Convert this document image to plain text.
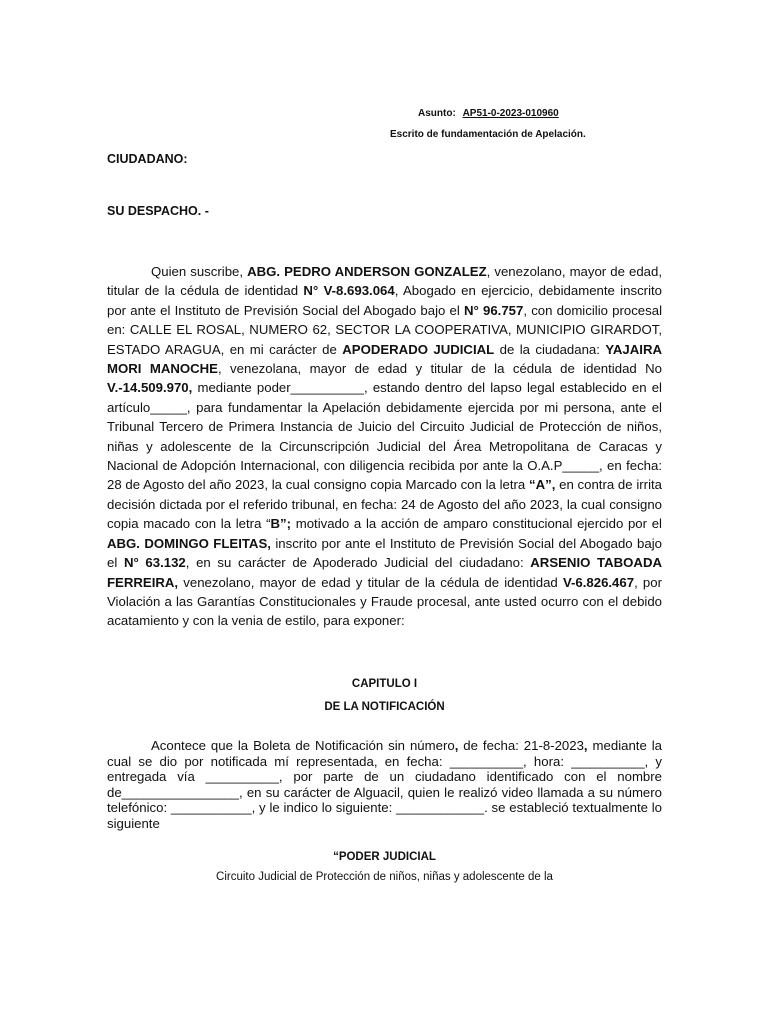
Asunto: AP51-0-2023-010960
Escrito de fundamentación de Apelación.
CIUDADANO:
SU DESPACHO. -

Quien suscribe, ABG. PEDRO ANDERSON GONZALEZ, venezolano, mayor de edad, titular de la cédula de identidad N° V-8.693.064, Abogado en ejercicio, debidamente inscrito por ante el Instituto de Previsión Social del Abogado bajo el N° 96.757, con domicilio procesal en: CALLE EL ROSAL, NUMERO 62, SECTOR LA COOPERATIVA, MUNICIPIO GIRARDOT, ESTADO ARAGUA, en mi carácter de APODERADO JUDICIAL de la ciudadana: YAJAIRA MORI MANOCHE, venezolana, mayor de edad y titular de la cédula de identidad No V.-14.509.970, mediante poder__________, estando dentro del lapso legal establecido en el artículo_____, para fundamentar la Apelación debidamente ejercida por mi persona, ante el Tribunal Tercero de Primera Instancia de Juicio del Circuito Judicial de Protección de niños, niñas y adolescente de la Circunscripción Judicial del Área Metropolitana de Caracas y Nacional de Adopción Internacional, con diligencia recibida por ante la O.A.P_____, en fecha: 28 de Agosto del año 2023, la cual consigno copia Marcado con la letra “A”, en contra de irrita decisión dictada por el referido tribunal, en fecha: 24 de Agosto del año 2023, la cual consigno copia macado con la letra “B”; motivado a la acción de amparo constitucional ejercido por el ABG. DOMINGO FLEITAS, inscrito por ante el Instituto de Previsión Social del Abogado bajo el N° 63.132, en su carácter de Apoderado Judicial del ciudadano: ARSENIO TABOADA FERREIRA, venezolano, mayor de edad y titular de la cédula de identidad V-6.826.467, por Violación a las Garantías Constitucionales y Fraude procesal, ante usted ocurro con el debido acatamiento y con la venia de estilo, para exponer:

CAPITULO I
DE LA NOTIFICACIÓN

Acontece que la Boleta de Notificación sin número, de fecha: 21-8-2023, mediante la cual se dio por notificada mí representada, en fecha: __________, hora: __________, y entregada vía __________, por parte de un ciudadano identificado con el nombre de________________, en su carácter de Alguacil, quien le realizó video llamada a su número telefónico: ___________, y le indico lo siguiente: ____________. se estableció textualmente lo siguiente

“PODER JUDICIAL
Circuito Judicial de Protección de niños, niñas y adolescente de la
